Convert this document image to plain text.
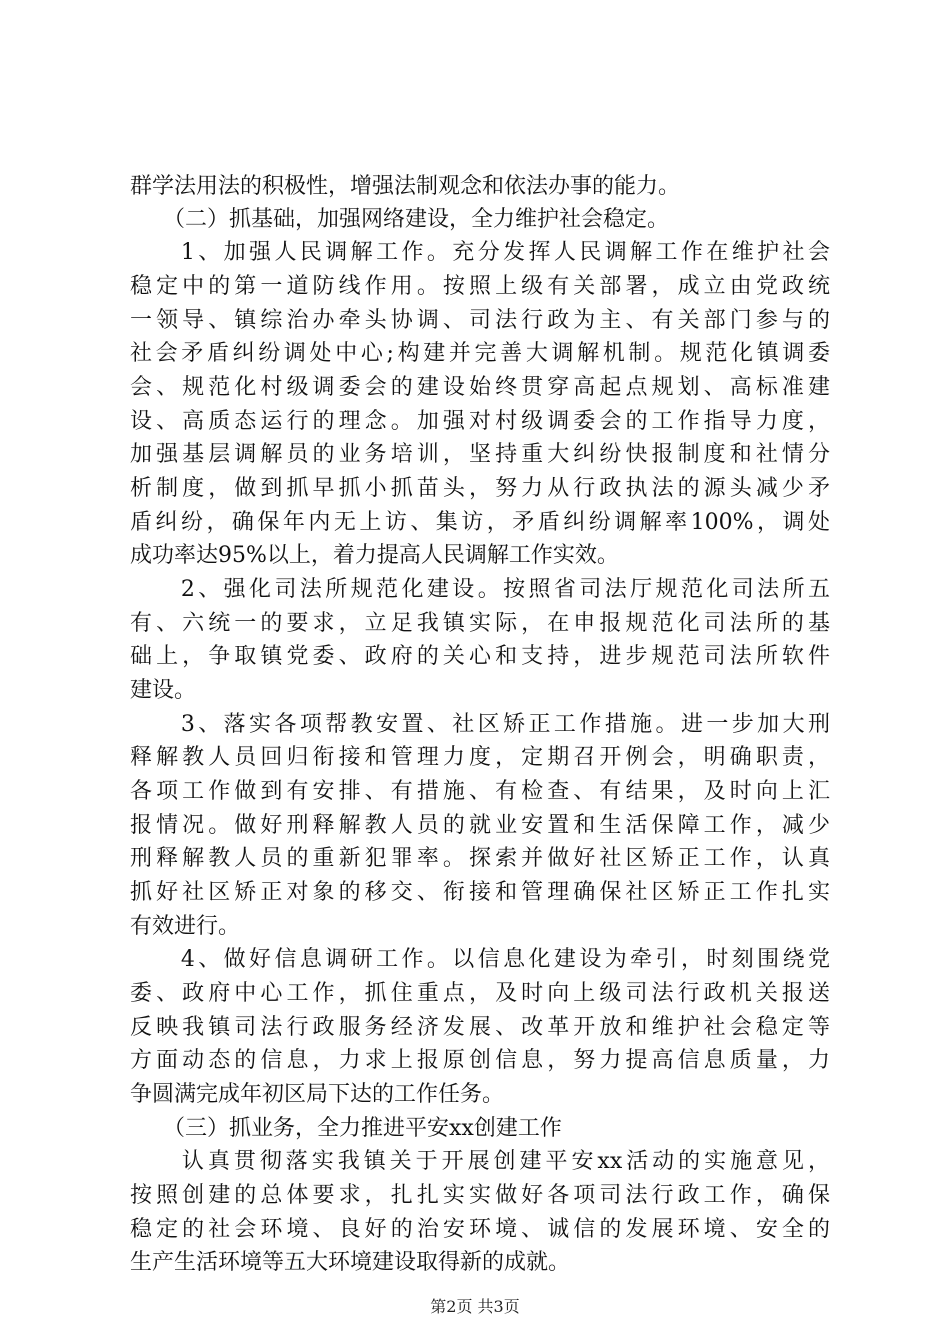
群学法用法的积极性，增强法制观念和依法办事的能力。
　　（二）抓基础，加强网络建设，全力维护社会稳定。
　　1、加强人民调解工作。充分发挥人民调解工作在维护社会
稳定中的第一道防线作用。按照上级有关部署，成立由党政统
一领导、镇综治办牵头协调、司法行政为主、有关部门参与的
社会矛盾纠纷调处中心;构建并完善大调解机制。规范化镇调委
会、规范化村级调委会的建设始终贯穿高起点规划、高标准建
设、高质态运行的理念。加强对村级调委会的工作指导力度，
加强基层调解员的业务培训，坚持重大纠纷快报制度和社情分
析制度，做到抓早抓小抓苗头，努力从行政执法的源头减少矛
盾纠纷，确保年内无上访、集访，矛盾纠纷调解率100%，调处
成功率达95%以上，着力提高人民调解工作实效。
　　2、强化司法所规范化建设。按照省司法厅规范化司法所五
有、六统一的要求，立足我镇实际，在申报规范化司法所的基
础上，争取镇党委、政府的关心和支持，进步规范司法所软件
建设。
　　3、落实各项帮教安置、社区矫正工作措施。进一步加大刑
释解教人员回归衔接和管理力度，定期召开例会，明确职责，
各项工作做到有安排、有措施、有检查、有结果，及时向上汇
报情况。做好刑释解教人员的就业安置和生活保障工作，减少
刑释解教人员的重新犯罪率。探索并做好社区矫正工作，认真
抓好社区矫正对象的移交、衔接和管理确保社区矫正工作扎实
有效进行。
　　4、做好信息调研工作。以信息化建设为牵引，时刻围绕党
委、政府中心工作，抓住重点，及时向上级司法行政机关报送
反映我镇司法行政服务经济发展、改革开放和维护社会稳定等
方面动态的信息，力求上报原创信息，努力提高信息质量，力
争圆满完成年初区局下达的工作任务。
　　（三）抓业务，全力推进平安xx创建工作
　　认真贯彻落实我镇关于开展创建平安xx活动的实施意见，
按照创建的总体要求，扎扎实实做好各项司法行政工作，确保
稳定的社会环境、良好的治安环境、诚信的发展环境、安全的
生产生活环境等五大环境建设取得新的成就。
第2页 共3页
